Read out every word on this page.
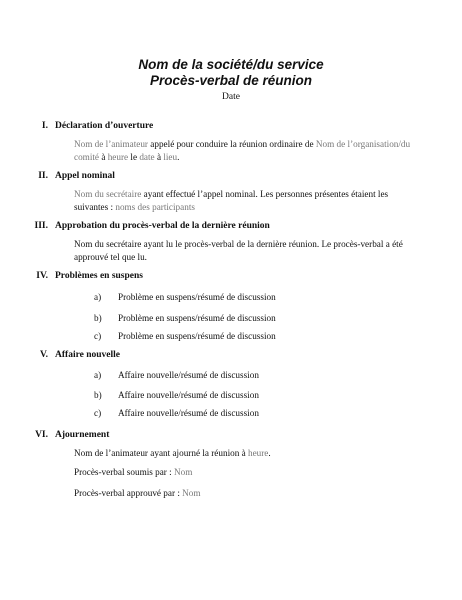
Nom de la société/du service
Procès-verbal de réunion
Date
I. Déclaration d’ouverture
Nom de l’animateur appelé pour conduire la réunion ordinaire de Nom de l’organisation/du comité à heure le date à lieu.
II. Appel nominal
Nom du secrétaire ayant effectué l’appel nominal. Les personnes présentes étaient les suivantes : noms des participants
III. Approbation du procès-verbal de la dernière réunion
Nom du secrétaire ayant lu le procès-verbal de la dernière réunion. Le procès-verbal a été approuvé tel que lu.
IV. Problèmes en suspens
a) Problème en suspens/résumé de discussion
b) Problème en suspens/résumé de discussion
c) Problème en suspens/résumé de discussion
V. Affaire nouvelle
a) Affaire nouvelle/résumé de discussion
b) Affaire nouvelle/résumé de discussion
c) Affaire nouvelle/résumé de discussion
VI. Ajournement
Nom de l’animateur ayant ajourné la réunion à heure.
Procès-verbal soumis par : Nom
Procès-verbal approuvé par : Nom
